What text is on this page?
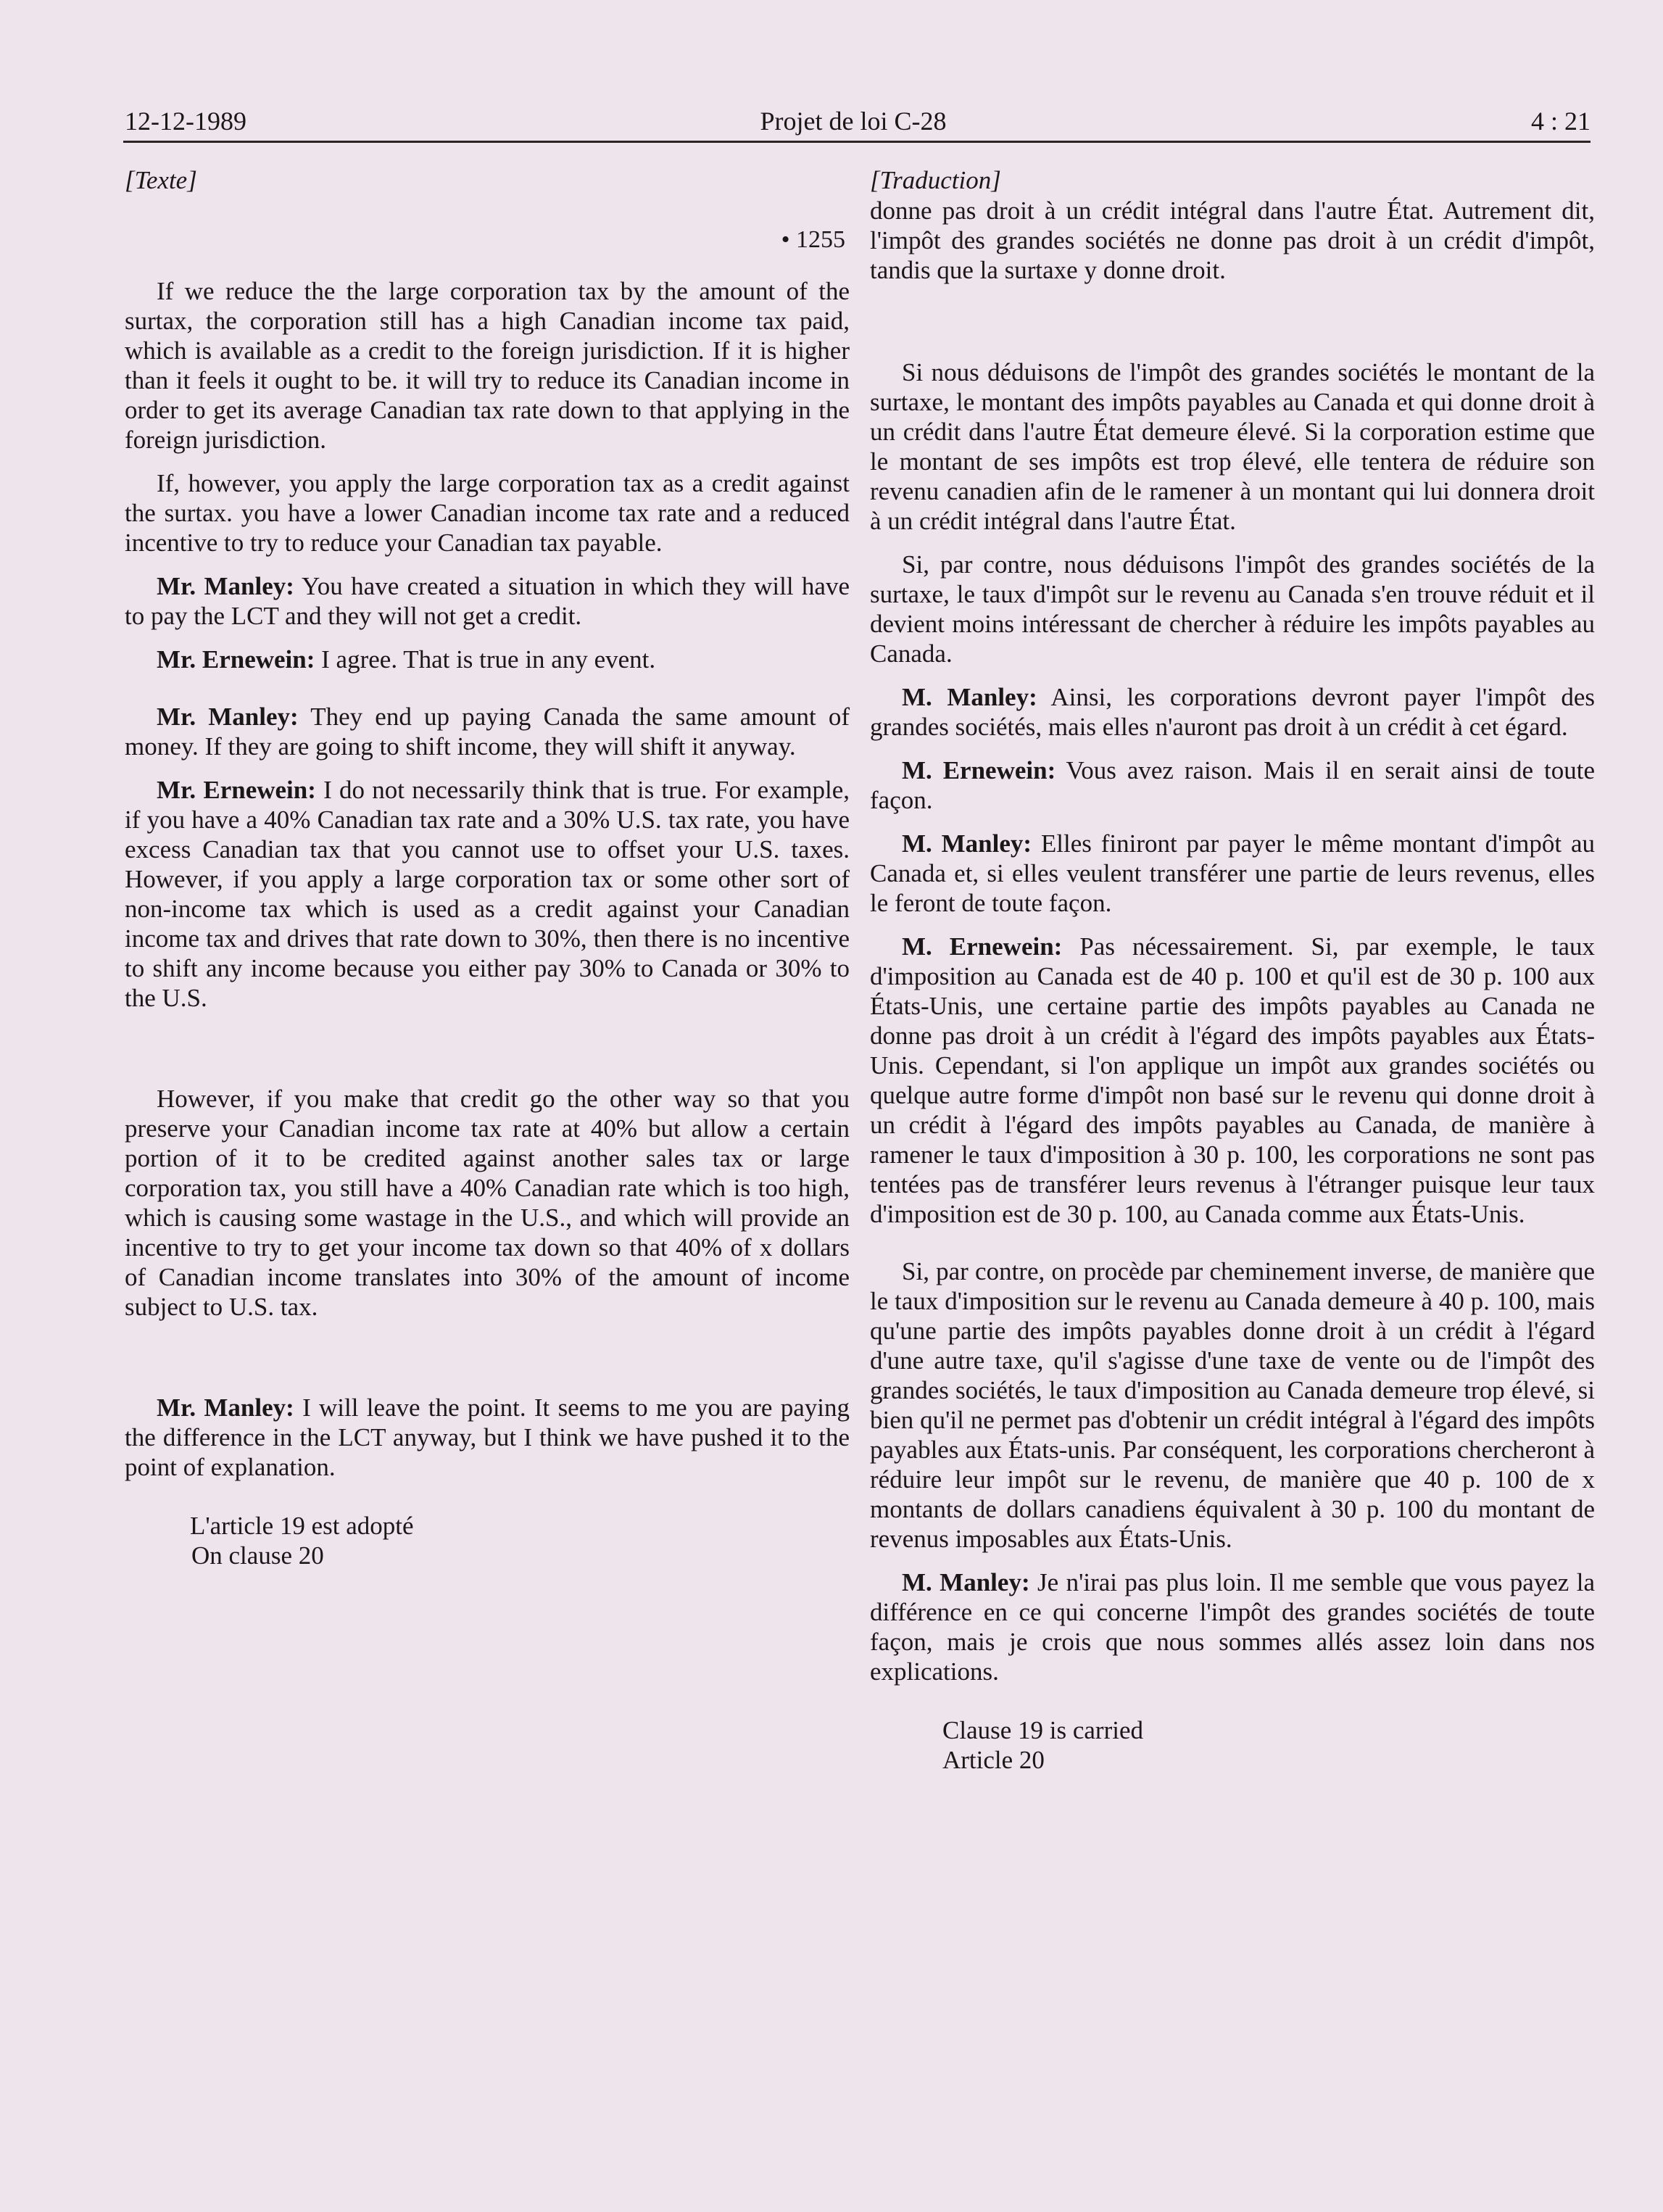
12-12-1989	Projet de loi C-28	4 : 21
[Texte]
• 1255

If we reduce the the large corporation tax by the amount of the surtax, the corporation still has a high Canadian income tax paid, which is available as a credit to the foreign jurisdiction. If it is higher than it feels it ought to be. it will try to reduce its Canadian income in order to get its average Canadian tax rate down to that applying in the foreign jurisdiction.

If, however, you apply the large corporation tax as a credit against the surtax. you have a lower Canadian income tax rate and a reduced incentive to try to reduce your Canadian tax payable.

Mr. Manley: You have created a situation in which they will have to pay the LCT and they will not get a credit.

Mr. Ernewein: I agree. That is true in any event.

Mr. Manley: They end up paying Canada the same amount of money. If they are going to shift income, they will shift it anyway.

Mr. Ernewein: I do not necessarily think that is true. For example, if you have a 40% Canadian tax rate and a 30% U.S. tax rate, you have excess Canadian tax that you cannot use to offset your U.S. taxes. However, if you apply a large corporation tax or some other sort of non-income tax which is used as a credit against your Canadian income tax and drives that rate down to 30%, then there is no incentive to shift any income because you either pay 30% to Canada or 30% to the U.S.

However, if you make that credit go the other way so that you preserve your Canadian income tax rate at 40% but allow a certain portion of it to be credited against another sales tax or large corporation tax, you still have a 40% Canadian rate which is too high, which is causing some wastage in the U.S., and which will provide an incentive to try to get your income tax down so that 40% of x dollars of Canadian income translates into 30% of the amount of income subject to U.S. tax.

Mr. Manley: I will leave the point. It seems to me you are paying the difference in the LCT anyway, but I think we have pushed it to the point of explanation.

L'article 19 est adopté

On clause 20

[Traduction]

donne pas droit à un crédit intégral dans l'autre État. Autrement dit, l'impôt des grandes sociétés ne donne pas droit à un crédit d'impôt, tandis que la surtaxe y donne droit.

Si nous déduisons de l'impôt des grandes sociétés le montant de la surtaxe, le montant des impôts payables au Canada et qui donne droit à un crédit dans l'autre État demeure élevé. Si la corporation estime que le montant de ses impôts est trop élevé, elle tentera de réduire son revenu canadien afin de le ramener à un montant qui lui donnera droit à un crédit intégral dans l'autre État.

Si, par contre, nous déduisons l'impôt des grandes sociétés de la surtaxe, le taux d'impôt sur le revenu au Canada s'en trouve réduit et il devient moins intéressant de chercher à réduire les impôts payables au Canada.

M. Manley: Ainsi, les corporations devront payer l'impôt des grandes sociétés, mais elles n'auront pas droit à un crédit à cet égard.

M. Ernewein: Vous avez raison. Mais il en serait ainsi de toute façon.

M. Manley: Elles finiront par payer le même montant d'impôt au Canada et, si elles veulent transférer une partie de leurs revenus, elles le feront de toute façon.

M. Ernewein: Pas nécessairement. Si, par exemple, le taux d'imposition au Canada est de 40 p. 100 et qu'il est de 30 p. 100 aux États-Unis, une certaine partie des impôts payables au Canada ne donne pas droit à un crédit à l'égard des impôts payables aux États-Unis. Cependant, si l'on applique un impôt aux grandes sociétés ou quelque autre forme d'impôt non basé sur le revenu qui donne droit à un crédit à l'égard des impôts payables au Canada, de manière à ramener le taux d'imposition à 30 p. 100, les corporations ne sont pas tentées pas de transférer leurs revenus à l'étranger puisque leur taux d'imposition est de 30 p. 100, au Canada comme aux États-Unis.

Si, par contre, on procède par cheminement inverse, de manière que le taux d'imposition sur le revenu au Canada demeure à 40 p. 100, mais qu'une partie des impôts payables donne droit à un crédit à l'égard d'une autre taxe, qu'il s'agisse d'une taxe de vente ou de l'impôt des grandes sociétés, le taux d'imposition au Canada demeure trop élevé, si bien qu'il ne permet pas d'obtenir un crédit intégral à l'égard des impôts payables aux États-unis. Par conséquent, les corporations chercheront à réduire leur impôt sur le revenu, de manière que 40 p. 100 de x montants de dollars canadiens équivalent à 30 p. 100 du montant de revenus imposables aux États-Unis.

M. Manley: Je n'irai pas plus loin. Il me semble que vous payez la différence en ce qui concerne l'impôt des grandes sociétés de toute façon, mais je crois que nous sommes allés assez loin dans nos explications.

Clause 19 is carried

Article 20
